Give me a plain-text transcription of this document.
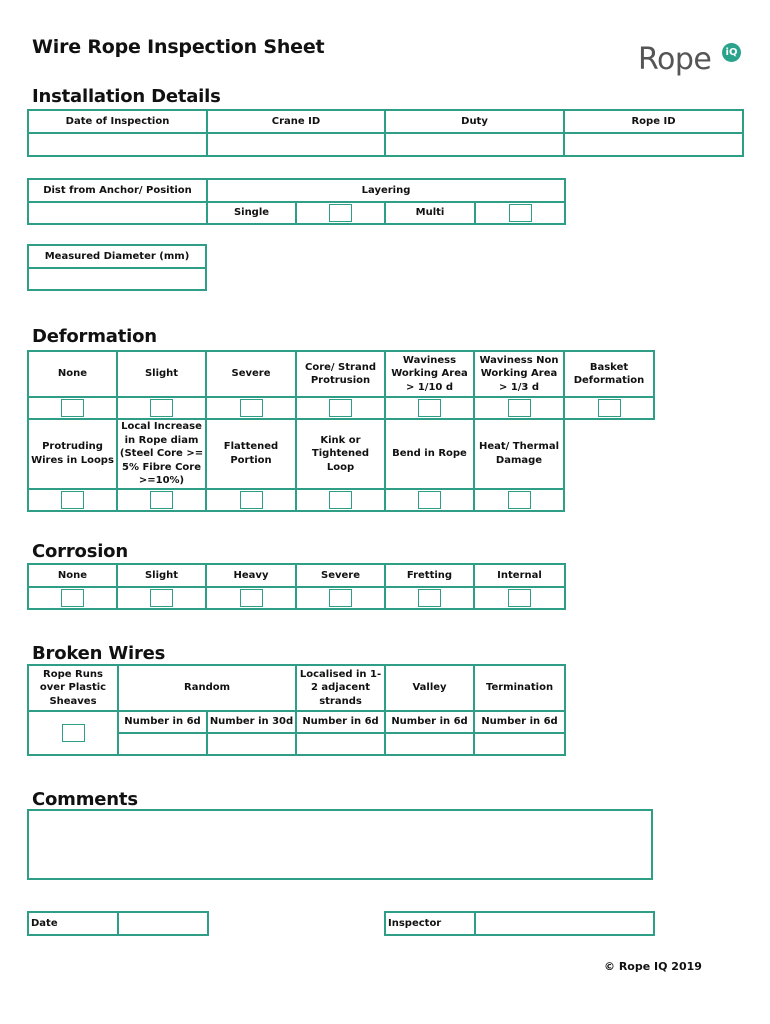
Wire Rope Inspection Sheet	Rope	iQ
Installation Details
Date of Inspection	Crane ID	Duty	Rope ID

Dist from Anchor/ Position	Layering			
	Single		Multi	
Measured Diameter (mm)

Deformation
None	Slight	Severe	Core/ Strand Protrusion	Waviness Working Area > 1/10 d	Waviness Non Working Area > 1/3 d	Basket Deformation

Protruding Wires in Loops	Local Increase in Rope diam (Steel Core >= 5% Fibre Core >=10%)	Flattened Portion	Kink or Tightened Loop	Bend in Rope	Heat/ Thermal Damage	

Corrosion
None	Slight	Heavy	Severe	Fretting	Internal

Broken Wires
Rope Runs over Plastic Sheaves	Random		Localised in 1-2 adjacent strands	Valley	Termination
	Number in 6d	Number in 30d	Number in 6d	Number in 6d	Number in 6d

Comments
Date		Inspector	
© Rope IQ 2019
